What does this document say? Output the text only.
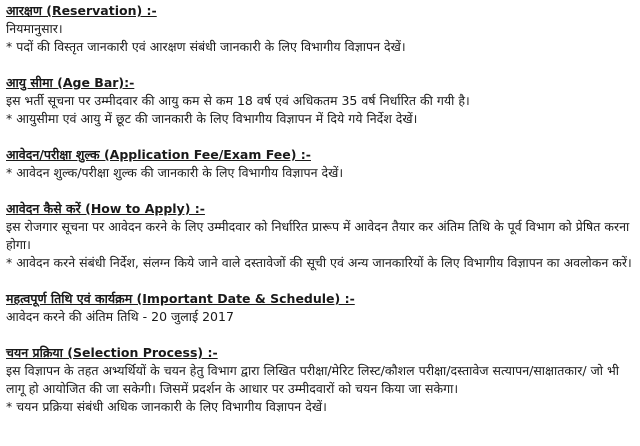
आरक्षण (Reservation) :-

नियमानुसार।

* पदों की विस्तृत जानकारी एवं आरक्षण संबंधी जानकारी के लिए विभागीय विज्ञापन देखें।

आयु सीमा (Age Bar):-

इस भर्ती सूचना पर उम्मीदवार की आयु कम से कम 18 वर्ष एवं अधिकतम 35 वर्ष निर्धारित की गयी है।

* आयुसीमा एवं आयु में छूट की जानकारी के लिए विभागीय विज्ञापन में दिये गये निर्देश देखें।

आवेदन/परीक्षा शुल्क (Application Fee/Exam Fee) :-

* आवेदन शुल्क/परीक्षा शुल्क की जानकारी के लिए विभागीय विज्ञापन देखें।

आवेदन कैसे करें (How to Apply) :-

इस रोजगार सूचना पर आवेदन करने के लिए उम्मीदवार को निर्धारित प्रारूप में आवेदन तैयार कर अंतिम तिथि के पूर्व विभाग को प्रेषित करना होगा।

* आवेदन करने संबंधी निर्देश, संलग्न किये जाने वाले दस्तावेजों की सूची एवं अन्य जानकारियों के लिए विभागीय विज्ञापन का अवलोकन करें।

महत्वपूर्ण तिथि एवं कार्यक्रम (Important Date & Schedule) :-

आवेदन करने की अंतिम तिथि - 20 जुलाई 2017

चयन प्रक्रिया (Selection Process) :-

इस विज्ञापन के तहत अभ्यर्थियों के चयन हेतु विभाग द्वारा लिखित परीक्षा/मेरिट लिस्ट/कौशल परीक्षा/दस्तावेज सत्यापन/साक्षातकार/ जो भी लागू हो आयोजित की जा सकेगी। जिसमें प्रदर्शन के आधार पर उम्मीदवारों को चयन किया जा सकेगा।

* चयन प्रक्रिया संबंधी अधिक जानकारी के लिए विभागीय विज्ञापन देखें।
